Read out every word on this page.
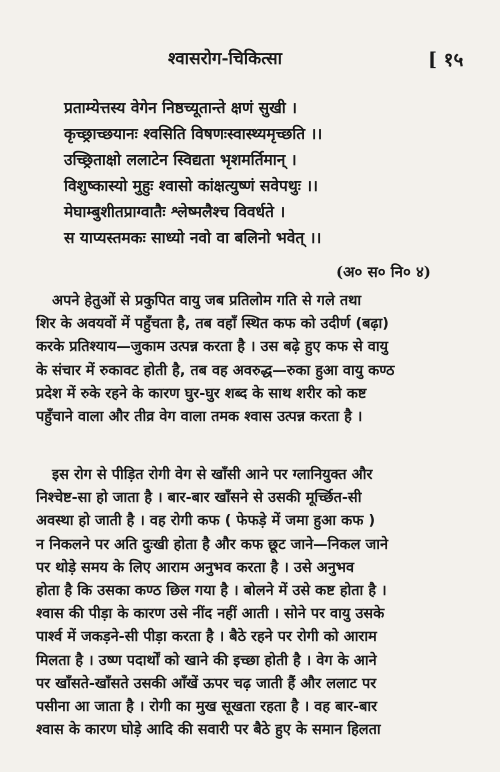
श्वासरोग-चिकित्सा	[ १५
प्रताम्येत्तस्य वेगेन निष्ठच्यूतान्ते क्षणं सुखी ।
कृच्छ्राच्छयानः श्वसिति विषणःस्वास्थ्यमृच्छति ।।
उच्छ्रिताक्षो ललाटेन स्विद्यता भृशमर्तिमान् ।
विशुष्कास्यो मुहुः श्वासो कांक्षत्युष्णं सवेपथुः ।।
मेघाम्बुशीतप्राग्वातैः श्लेष्मलैश्च विवर्धते ।
स याप्यस्तमकः साध्यो नवो वा बलिनो भवेत् ।।
(अ० स० नि० ४)
अपने हेतुओं से प्रकुपित वायु जब प्रतिलोम गति से गले तथा
शिर के अवयवों में पहुँचता है, तब वहाँ स्थित कफ को उदीर्ण (बढ़ा)
करके प्रतिश्याय—जुकाम उत्पन्न करता है । उस बढ़े हुए कफ से वायु
के संचार में रुकावट होती है, तब वह अवरुद्ध—रुका हुआ वायु कण्ठ
प्रदेश में रुके रहने के कारण घुर-घुर शब्द के साथ शरीर को कष्ट
पहुँचाने वाला और तीव्र वेग वाला तमक श्वास उत्पन्न करता है ।
इस रोग से पीड़ित रोगी वेग से खाँसी आने पर ग्लानियुक्त और
निश्चेष्ट-सा हो जाता है । बार-बार खाँसने से उसकी मूर्च्छित-सी
अवस्था हो जाती है । वह रोगी कफ ( फेफड़े में जमा हुआ कफ )
न निकलने पर अति दुःखी होता है और कफ छूट जाने—निकल जाने
पर थोड़े समय के लिए आराम अनुभव करता है । उसे अनुभव
होता है कि उसका कण्ठ छिल गया है । बोलने में उसे कष्ट होता है ।
श्वास की पीड़ा के कारण उसे नींद नहीं आती । सोने पर वायु उसके
पार्श्व में जकड़ने-सी पीड़ा करता है । बैठे रहने पर रोगी को आराम
मिलता है । उष्ण पदार्थों को खाने की इच्छा होती है । वेग के आने
पर खाँसते-खाँसते उसकी आँखें ऊपर चढ़ जाती हैं और ललाट पर
पसीना आ जाता है । रोगी का मुख सूखता रहता है । वह बार-बार
श्वास के कारण घोड़े आदि की सवारी पर बैठे हुए के समान हिलता
